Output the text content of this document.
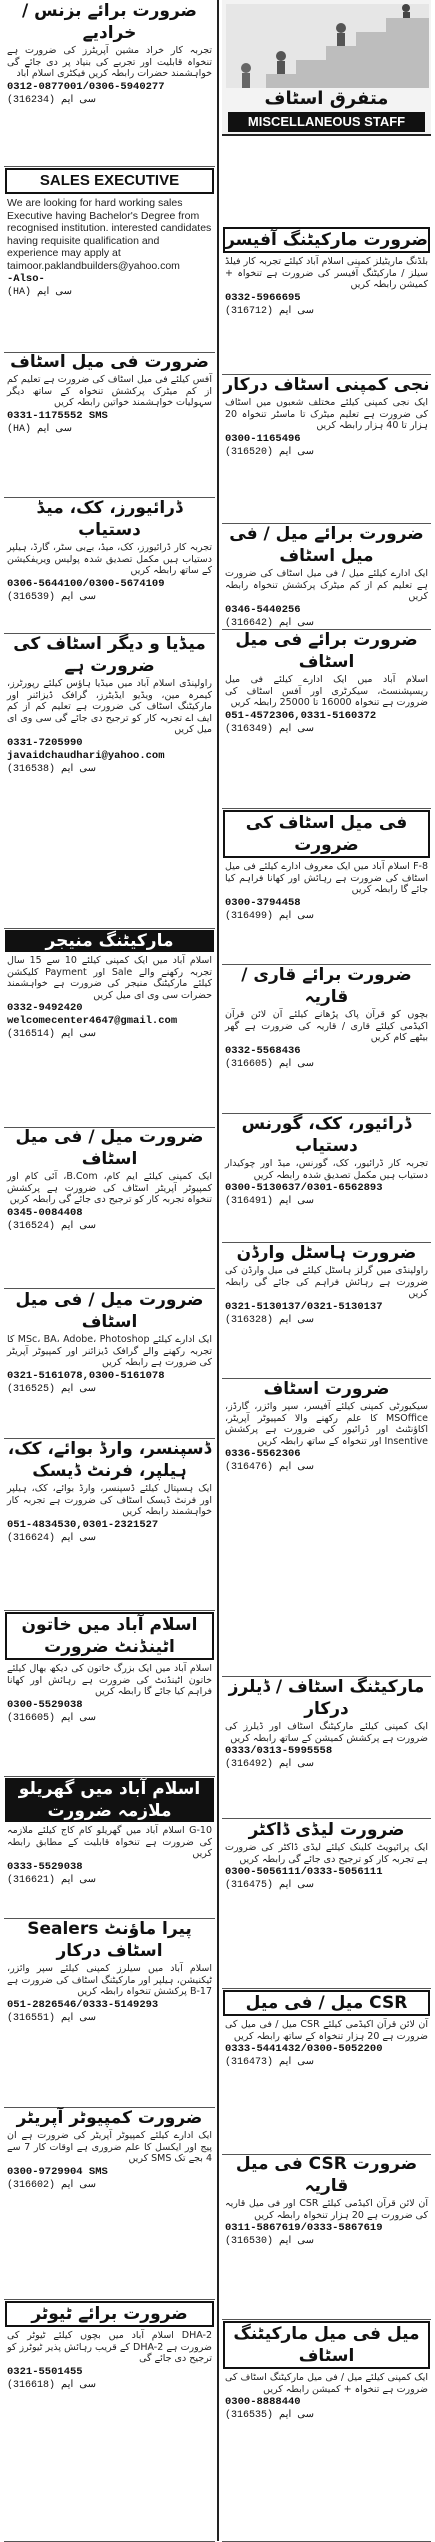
ضرورت برائے بزنس / خرادیے
تجربہ کار خراد مشین آپریٹرز کی ضرورت ہے تنخواہ قابلیت اور تجربے کی بنیاد پر دی جائے گی خواہشمند حضرات رابطہ کریں فیکٹری اسلام آباد
0312-0877001/0306-5940277
(316234) سی ایم
SALES EXECUTIVE
We are looking for hard working sales Executive having Bachelor's Degree from recognised institution. interested candidates having requisite qualification and experience may apply at taimoor.paklandbuilders@yahoo.com
-Also-
(HA) سی ایم
ضرورت فی میل اسٹاف
آفس کیلئے فی میل اسٹاف کی ضرورت ہے تعلیم کم از کم میٹرک پرکشش تنخواہ کے ساتھ دیگر سہولیات خواہشمند خواتین رابطہ کریں
0331-1175552 SMS
(HA) سی ایم
ڈرائیورز، کک، میڈ دستیاب
تجربہ کار ڈرائیورز، کک، میڈ، بےبی سٹر، گارڈ، ہیلپر دستیاب ہیں مکمل تصدیق شدہ پولیس ویریفکیشن کے ساتھ رابطہ کریں
0306-5644100/0300-5674109
(316539) سی ایم
میڈیا و دیگر اسٹاف کی ضرورت ہے
راولپنڈی اسلام آباد میں میڈیا ہاؤس کیلئے رپورٹرز، کیمرہ مین، ویڈیو ایڈیٹرز، گرافک ڈیزائنر اور مارکیٹنگ اسٹاف کی ضرورت ہے تعلیم کم از کم ایف اے تجربہ کار کو ترجیح دی جائے گی سی وی ای میل کریں
0331-7205990 javaidchaudhari@yahoo.com
(316538) سی ایم
مارکیٹنگ منیجر
اسلام آباد میں ایک کمپنی کیلئے 10 سے 15 سال تجربہ رکھنے والے Sale اور Payment کلیکشن کیلئے مارکیٹنگ منیجر کی ضرورت ہے خواہشمند حضرات سی وی ای میل کریں
0332-9492420 welcomecenter4647@gmail.com
(316514) سی ایم
ضرورت میل / فی میل اسٹاف
ایک کمپنی کیلئے ایم کام، B.Com، آئی کام اور کمپیوٹر آپریٹر اسٹاف کی ضرورت ہے پرکشش تنخواہ تجربہ کار کو ترجیح دی جائے گی رابطہ کریں
0345-0084408
(316524) سی ایم
ضرورت میل / فی میل اسٹاف
ایک ادارے کیلئے MSc، BA، Adobe، Photoshop کا تجربہ رکھنے والے گرافک ڈیزائنر اور کمپیوٹر آپریٹر کی ضرورت ہے رابطہ کریں
0321-5161078,0300-5161078
(316525) سی ایم
ڈسپنسر، وارڈ بوائے، کک، ہیلپر، فرنٹ ڈیسک
ایک ہسپتال کیلئے ڈسپنسر، وارڈ بوائے، کک، ہیلپر اور فرنٹ ڈیسک اسٹاف کی ضرورت ہے تجربہ کار خواہشمند رابطہ کریں
051-4834530,0301-2321527
(316624) سی ایم
اسلام آباد میں خاتون اٹینڈنٹ ضرورت
اسلام آباد میں ایک بزرگ خاتون کی دیکھ بھال کیلئے خاتون اٹینڈنٹ کی ضرورت ہے رہائش اور کھانا فراہم کیا جائے گا رابطہ کریں
0300-5529038
(316605) سی ایم
اسلام آباد میں گھریلو ملازمہ ضرورت
G-10 اسلام آباد میں گھریلو کام کاج کیلئے ملازمہ کی ضرورت ہے تنخواہ قابلیت کے مطابق رابطہ کریں
0333-5529038
(316621) سی ایم
پیرا ماؤنٹ Sealers اسٹاف درکار
اسلام آباد میں سیلرز کمپنی کیلئے سپر وائزر، ٹیکنیشن، ہیلپر اور مارکیٹنگ اسٹاف کی ضرورت ہے B-17 پرکشش تنخواہ رابطہ کریں
051-2826546/0333-5149293
(316551) سی ایم
ضرورت کمپیوٹر آپریٹر
ایک ادارے کیلئے کمپیوٹر آپریٹر کی ضرورت ہے ان پیج اور ایکسل کا علم ضروری ہے اوقات کار 7 سے 4 بجے تک SMS کریں
0300-9729904 SMS
(316602) سی ایم
ضرورت برائے ٹیوٹر
DHA-2 اسلام آباد میں بچوں کیلئے ٹیوٹر کی ضرورت ہے DHA-2 کے قریب رہائش پذیر ٹیوٹرز کو ترجیح دی جائے گی
0321-5501455
(316618) سی ایم
متفرق اسٹاف
MISCELLANEOUS STAFF
ضرورت مارکیٹنگ آفیسر
بلڈنگ ماریٹیلز کمپنی اسلام آباد کیلئے تجربہ کار فیلڈ سیلز / مارکیٹنگ آفیسر کی ضرورت ہے تنخواہ + کمیشن رابطہ کریں
0332-5966695
(316712) سی ایم
نجی کمپنی اسٹاف درکار
ایک نجی کمپنی کیلئے مختلف شعبوں میں اسٹاف کی ضرورت ہے تعلیم میٹرک تا ماسٹر تنخواہ 20 ہزار تا 40 ہزار رابطہ کریں
0300-1165496
(316520) سی ایم
ضرورت برائے میل / فی میل اسٹاف
ایک ادارے کیلئے میل / فی میل اسٹاف کی ضرورت ہے تعلیم کم از کم میٹرک پرکشش تنخواہ رابطہ کریں
0346-5440256
(316642) سی ایم
ضرورت برائے فی میل اسٹاف
اسلام آباد میں ایک ادارے کیلئے فی میل ریسپشنسٹ، سیکرٹری اور آفس اسٹاف کی ضرورت ہے تنخواہ 16000 تا 25000 رابطہ کریں
051-4572306,0331-5160372
(316349) سی ایم
فی میل اسٹاف کی ضرورت
F-8 اسلام آباد میں ایک معروف ادارے کیلئے فی میل اسٹاف کی ضرورت ہے رہائش اور کھانا فراہم کیا جائے گا رابطہ کریں
0300-3794458
(316499) سی ایم
ضرورت برائے قاری / قاریہ
بچوں کو قرآن پاک پڑھانے کیلئے آن لائن قرآن اکیڈمی کیلئے قاری / قاریہ کی ضرورت ہے گھر بیٹھے کام کریں
0332-5568436
(316605) سی ایم
ڈرائیور، کک، گورنس دستیاب
تجربہ کار ڈرائیور، کک، گورنس، میڈ اور چوکیدار دستیاب ہیں مکمل تصدیق شدہ رابطہ کریں
0300-5130637/0301-6562893
(316491) سی ایم
ضرورت ہاسٹل وارڈن
راولپنڈی میں گرلز ہاسٹل کیلئے فی میل وارڈن کی ضرورت ہے رہائش فراہم کی جائے گی رابطہ کریں
0321-5130137/0321-5130137
(316328) سی ایم
ضرورت اسٹاف
سیکیورٹی کمپنی کیلئے آفیسر، سپر وائزر، گارڈز، MSOffice کا علم رکھنے والا کمپیوٹر آپریٹر، اکاؤنٹنٹ اور ڈرائیور کی ضرورت ہے پرکشش Insentive اور تنخواہ کے ساتھ رابطہ کریں
0336-5562306
(316476) سی ایم
مارکیٹنگ اسٹاف / ڈیلرز درکار
ایک کمپنی کیلئے مارکیٹنگ اسٹاف اور ڈیلرز کی ضرورت ہے پرکشش کمیشن کے ساتھ رابطہ کریں
0333/0313-5995558
(316492) سی ایم
ضرورت لیڈی ڈاکٹر
ایک پرائیویٹ کلینک کیلئے لیڈی ڈاکٹر کی ضرورت ہے تجربہ کار کو ترجیح دی جائے گی رابطہ کریں
0300-5056111/0333-5056111
(316475) سی ایم
CSR میل / فی میل
آن لائن قرآن اکیڈمی کیلئے CSR میل / فی میل کی ضرورت ہے 20 ہزار تنخواہ کے ساتھ رابطہ کریں
0333-5441432/0300-5052200
(316473) سی ایم
ضرورت CSR فی میل قاریہ
آن لائن قرآن اکیڈمی کیلئے CSR اور فی میل قاریہ کی ضرورت ہے 20 ہزار تنخواہ رابطہ کریں
0311-5867619/0333-5867619
(316530) سی ایم
میل فی میل مارکیٹنگ اسٹاف
ایک کمپنی کیلئے میل / فی میل مارکیٹنگ اسٹاف کی ضرورت ہے تنخواہ + کمیشن رابطہ کریں
0300-8888440
(316535) سی ایم
